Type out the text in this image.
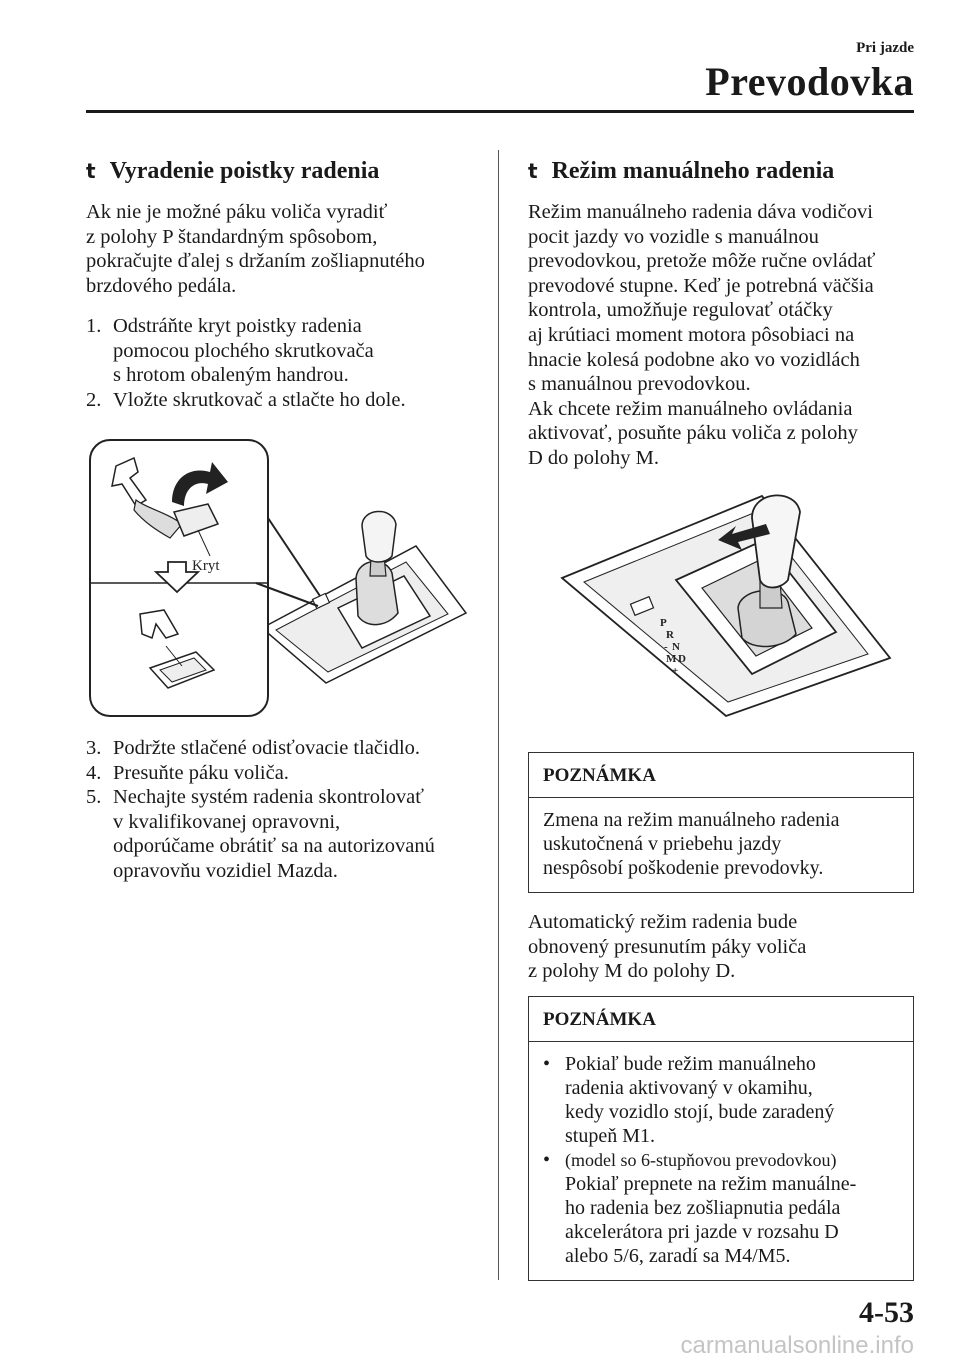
Pri jazde
Prevodovka
t Vyradenie poistky radenia

Ak nie je možné páku voliča vyradiť

z polohy P štandardným spôsobom,

pokračujte ďalej s držaním zošliapnutého

brzdového pedála.

1. Odstráňte kryt poistky radenia
pomocou plochého skrutkovača
s hrotom obaleným handrou.
2. Vložte skrutkovač a stlačte ho dole.
Kryt
3. Podržte stlačené odisťovacie tlačidlo.
4. Presuňte páku voliča.
5. Nechajte systém radenia skontrolovať
v kvalifikovanej opravovni,
odporúčame obrátiť sa na autorizovanú
opravovňu vozidiel Mazda.
t Režim manuálneho radenia

Režim manuálneho radenia dáva vodičovi

pocit jazdy vo vozidle s manuálnou

prevodovkou, pretože môže ručne ovládať

prevodové stupne. Keď je potrebná väčšia

kontrola, umožňuje regulovať otáčky

aj krútiaci moment motora pôsobiaci na

hnacie kolesá podobne ako vo vozidlách

s manuálnou prevodovkou.

Ak chcete režim manuálneho ovládania

aktivovať, posuňte páku voliča z polohy

D do polohy M.

P
R
N
-
M D
+
POZNÁMKA

Zmena na režim manuálneho radenia

uskutočnená v priebehu jazdy

nespôsobí poškodenie prevodovky.

Automatický režim radenia bude

obnovený presunutím páky voliča

z polohy M do polohy D.

POZNÁMKA
• Pokiaľ bude režim manuálneho
radenia aktivovaný v okamihu,
kedy vozidlo stojí, bude zaradený
stupeň M1.
• (model so 6-stupňovou prevodovkou)
Pokiaľ prepnete na režim manuálne-
ho radenia bez zošliapnutia pedála
akcelerátora pri jazde v rozsahu D
alebo 5/6, zaradí sa M4/M5.
4-53
carmanualsonline.info
